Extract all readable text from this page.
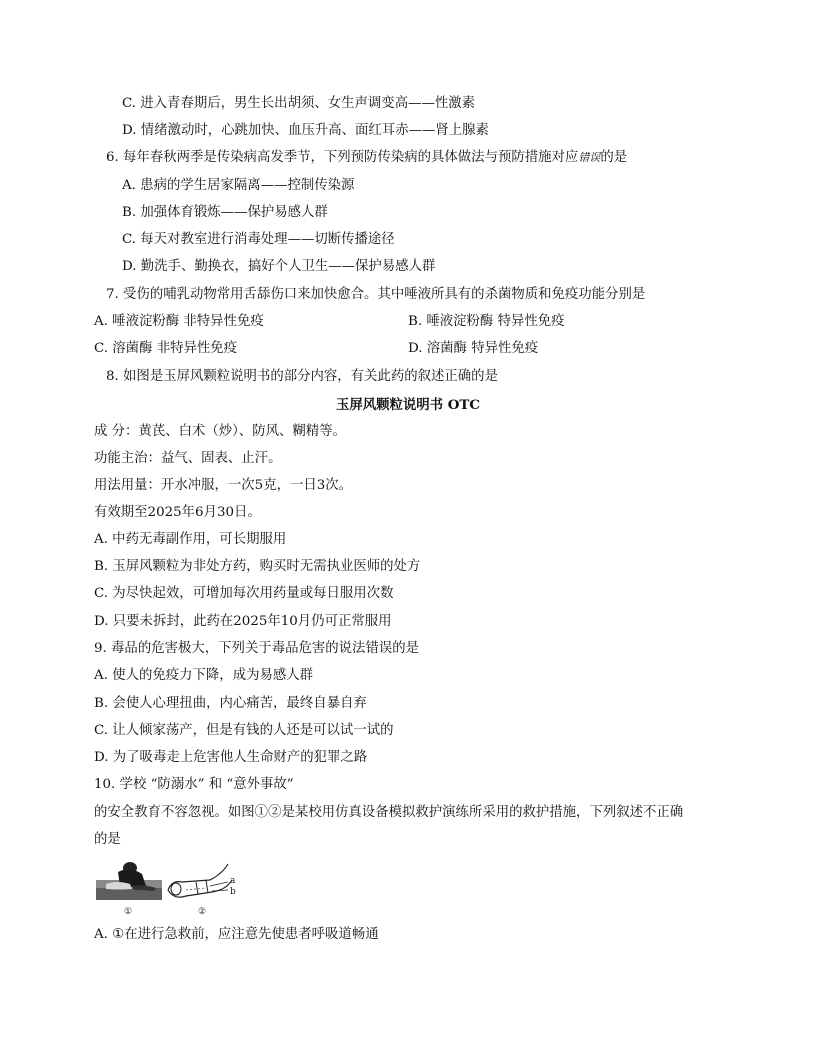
C. 进入青春期后，男生长出胡须、女生声调变高——性激素
D. 情绪激动时，心跳加快、血压升高、面红耳赤——肾上腺素
6. 每年春秋两季是传染病高发季节，下列预防传染病的具体做法与预防措施对应错误的是
A. 患病的学生居家隔离——控制传染源
B. 加强体育锻炼——保护易感人群
C. 每天对教室进行消毒处理——切断传播途径
D. 勤洗手、勤换衣，搞好个人卫生——保护易感人群
7. 受伤的哺乳动物常用舌舔伤口来加快愈合。其中唾液所具有的杀菌物质和免疫功能分别是
A. 唾液淀粉酶 非特异性免疫	B. 唾液淀粉酶 特异性免疫
C. 溶菌酶 非特异性免疫	D. 溶菌酶 特异性免疫
8. 如图是玉屏风颗粒说明书的部分内容，有关此药的叙述正确的是
玉屏风颗粒说明书 OTC
成 分：黄芪、白术（炒）、防风、糊精等。
功能主治：益气、固表、止汗。
用法用量：开水冲服，一次5克，一日3次。
有效期至2025年6月30日。
A. 中药无毒副作用，可长期服用
B. 玉屏风颗粒为非处方药，购买时无需执业医师的处方
C. 为尽快起效，可增加每次用药量或每日服用次数
D. 只要未拆封，此药在2025年10月仍可正常服用
9. 毒品的危害极大，下列关于毒品危害的说法错误的是
A. 使人的免疫力下降，成为易感人群
B. 会使人心理扭曲，内心痛苦，最终自暴自弃
C. 让人倾家荡产，但是有钱的人还是可以试一试的
D. 为了吸毒走上危害他人生命财产的犯罪之路
10. 学校 “防溺水” 和 “意外事故”
的安全教育不容忽视。如图①②是某校用仿真设备模拟救护演练所采用的救护措施，下列叙述不正确
的是
①
a
b
②
A. ①在进行急救前，应注意先使患者呼吸道畅通
